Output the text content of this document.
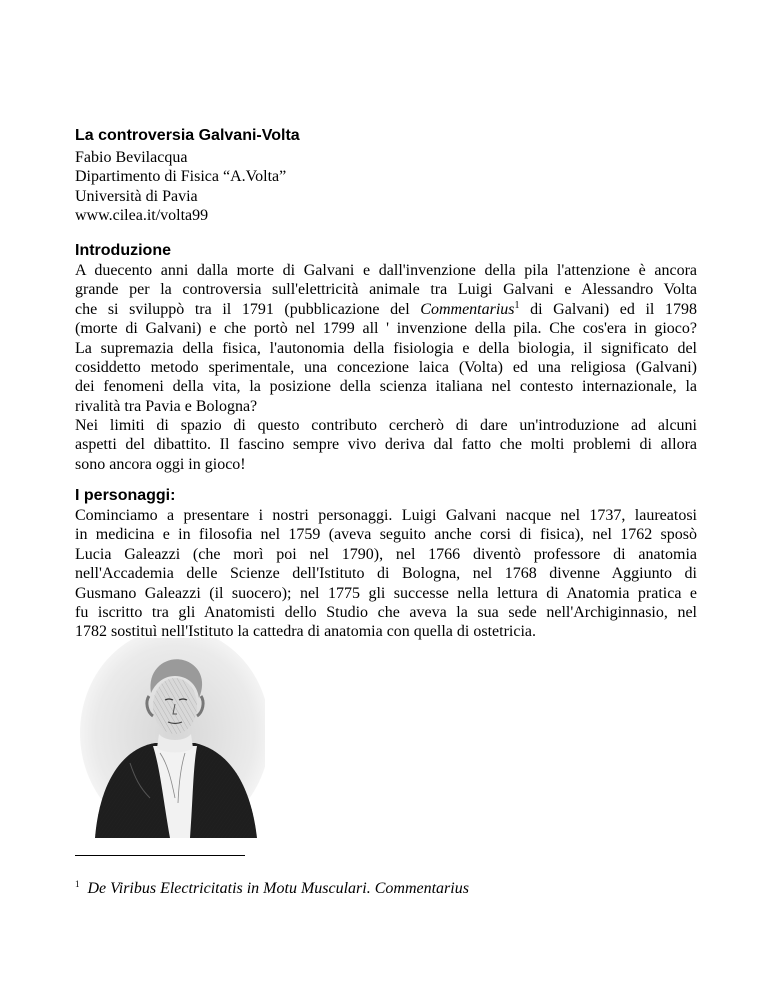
La controversia Galvani-Volta
Fabio Bevilacqua
Dipartimento di Fisica “A.Volta”
Università di Pavia
www.cilea.it/volta99
Introduzione
A duecento anni dalla morte di Galvani e dall'invenzione della pila l'attenzione è ancora
grande per la controversia sull'elettricità animale tra Luigi Galvani e Alessandro Volta
che si sviluppò tra il 1791 (pubblicazione del Commentarius$^1$ di Galvani) ed il 1798
(morte di Galvani) e che portò nel 1799 all ' invenzione della pila. Che cos'era in gioco?
La supremazia della fisica, l'autonomia della fisiologia e della biologia, il significato del
cosiddetto metodo sperimentale, una concezione laica (Volta) ed una religiosa (Galvani)
dei fenomeni della vita, la posizione della scienza italiana nel contesto internazionale, la
rivalità tra Pavia e Bologna?
Nei limiti di spazio di questo contributo cercherò di dare un'introduzione ad alcuni
aspetti del dibattito. Il fascino sempre vivo deriva dal fatto che molti problemi di allora
sono ancora oggi in gioco!
I personaggi:
Cominciamo a presentare i nostri personaggi. Luigi Galvani nacque nel 1737, laureatosi
in medicina e in filosofia nel 1759 (aveva seguito anche corsi di fisica), nel 1762 sposò
Lucia Galeazzi (che morì poi nel 1790), nel 1766 diventò professore di anatomia
nell'Accademia delle Scienze dell'Istituto di Bologna, nel 1768 divenne Aggiunto di
Gusmano Galeazzi (il suocero); nel 1775 gli successe nella lettura di Anatomia pratica e
fu iscritto tra gli Anatomisti dello Studio che aveva la sua sede nell'Archiginnasio, nel
1782 sostituì nell'Istituto la cattedra di anatomia con quella di ostetricia.
$^1$ De Viribus Electricitatis in Motu Musculari. Commentarius
